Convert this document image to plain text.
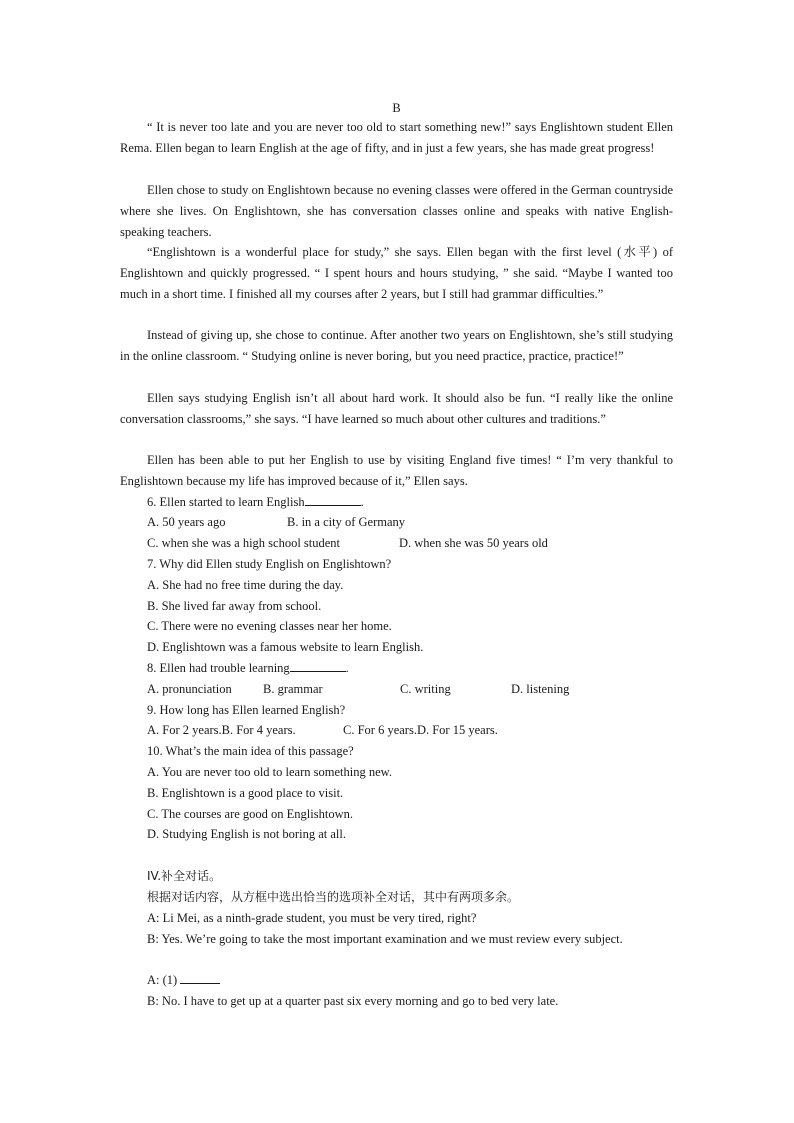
B
“ It is never too late and you are never too old to start something new!” says Englishtown student Ellen Rema. Ellen began to learn English at the age of fifty, and in just a few years, she has made great progress!
Ellen chose to study on Englishtown because no evening classes were offered in the German countryside where she lives. On Englishtown, she has conversation classes online and speaks with native English-speaking teachers.
“Englishtown is a wonderful place for study,” she says. Ellen began with the first level (水平) of Englishtown and quickly progressed. “ I spent hours and hours studying, ” she said. “Maybe I wanted too much in a short time. I finished all my courses after 2 years, but I still had grammar difficulties.”
Instead of giving up, she chose to continue. After another two years on Englishtown, she’s still studying in the online classroom. “ Studying online is never boring, but you need practice, practice, practice!”
Ellen says studying English isn’t all about hard work. It should also be fun. “I really like the online conversation classrooms,” she says. “I have learned so much about other cultures and traditions.”
Ellen has been able to put her English to use by visiting England five times! “ I’m very thankful to Englishtown because my life has improved because of it,” Ellen says.
6. Ellen started to learn English	.
A. 50 years ago	B. in a city of Germany
C. when she was a high school student	D. when she was 50 years old
7. Why did Ellen study English on Englishtown?
A. She had no free time during the day.
B. She lived far away from school.
C. There were no evening classes near her home.
D. Englishtown was a famous website to learn English.
8. Ellen had trouble learning	.
A. pronunciation	B. grammar	C. writing	D. listening
9. How long has Ellen learned English?
A. For 2 years.B. For 4 years.	C. For 6 years.D. For 15 years.
10. What’s the main idea of this passage?
A. You are never too old to learn something new.
B. Englishtown is a good place to visit.
C. The courses are good on Englishtown.
D. Studying English is not boring at all.
IV.补全对话。
根据对话内容，从方框中选出恰当的选项补全对话，其中有两项多余。
A: Li Mei, as a ninth-grade student, you must be very tired, right?
B: Yes. We’re going to take the most important examination and we must review every subject.
A: (1)
B: No. I have to get up at a quarter past six every morning and go to bed very late.
